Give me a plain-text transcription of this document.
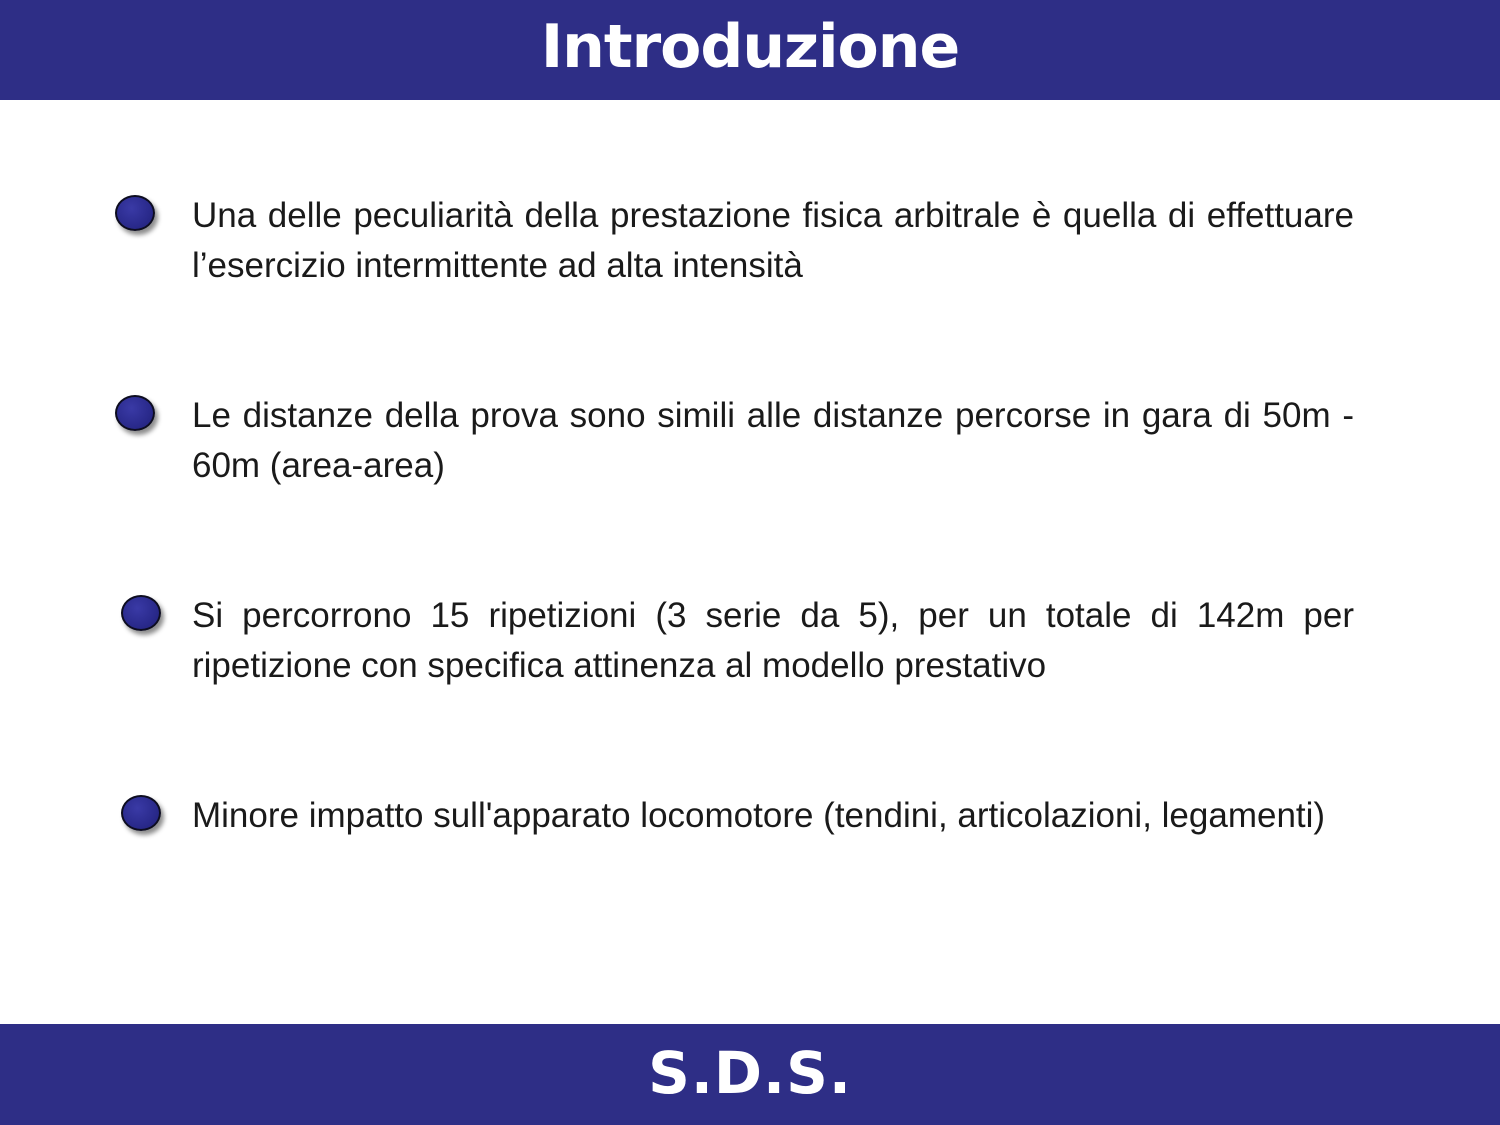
Introduzione
Una delle peculiarità della prestazione fisica arbitrale è quella di effettuare l’esercizio intermittente ad alta intensità
Le distanze della prova sono simili alle distanze percorse in gara di 50m - 60m (area-area)
Si percorrono 15 ripetizioni (3 serie da 5), per un totale di 142m per ripetizione con specifica attinenza al modello prestativo
Minore impatto sull'apparato locomotore (tendini, articolazioni, legamenti)
S.D.S.
